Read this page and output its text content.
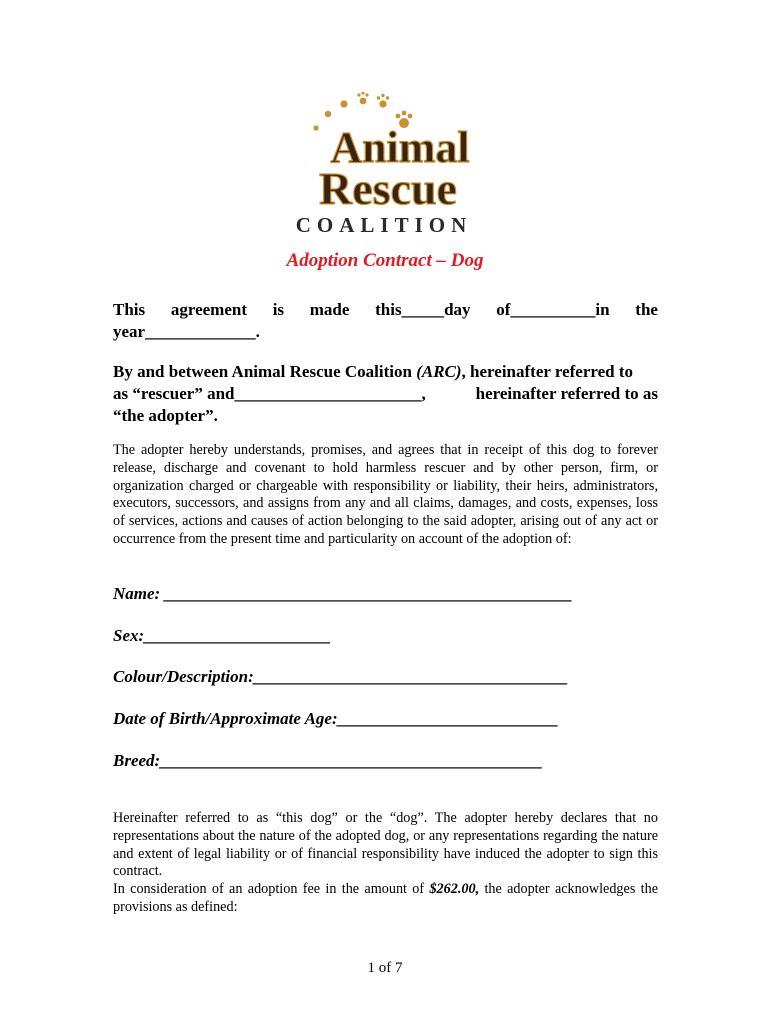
Animal
Rescue
COALITION
Adoption Contract – Dog
This agreement is made this_____day of__________in the
year_____________.
By and between Animal Rescue Coalition (ARC), hereinafter referred to
as “rescuer” and______________________,	hereinafter referred to as
“the adopter”.
The adopter hereby understands, promises, and agrees that in receipt of this dog to forever release, discharge and covenant to hold harmless rescuer and by other person, firm, or organization charged or chargeable with responsibility or liability, their heirs, administrators, executors, successors, and assigns from any and all claims, damages, and costs, expenses, loss of services, actions and causes of action belonging to the said adopter, arising out of any act or occurrence from the present time and particularity on account of the adoption of:
Name: ________________________________________________
Sex:______________________
Colour/Description:_____________________________________
Date of Birth/Approximate Age:__________________________
Breed:_____________________________________________
Hereinafter referred to as “this dog” or the “dog”. The adopter hereby declares that no representations about the nature of the adopted dog, or any representations regarding the nature and extent of legal liability or of financial responsibility have induced the adopter to sign this contract.
In consideration of an adoption fee in the amount of $262.00, the adopter acknowledges the provisions as defined:
1 of 7
